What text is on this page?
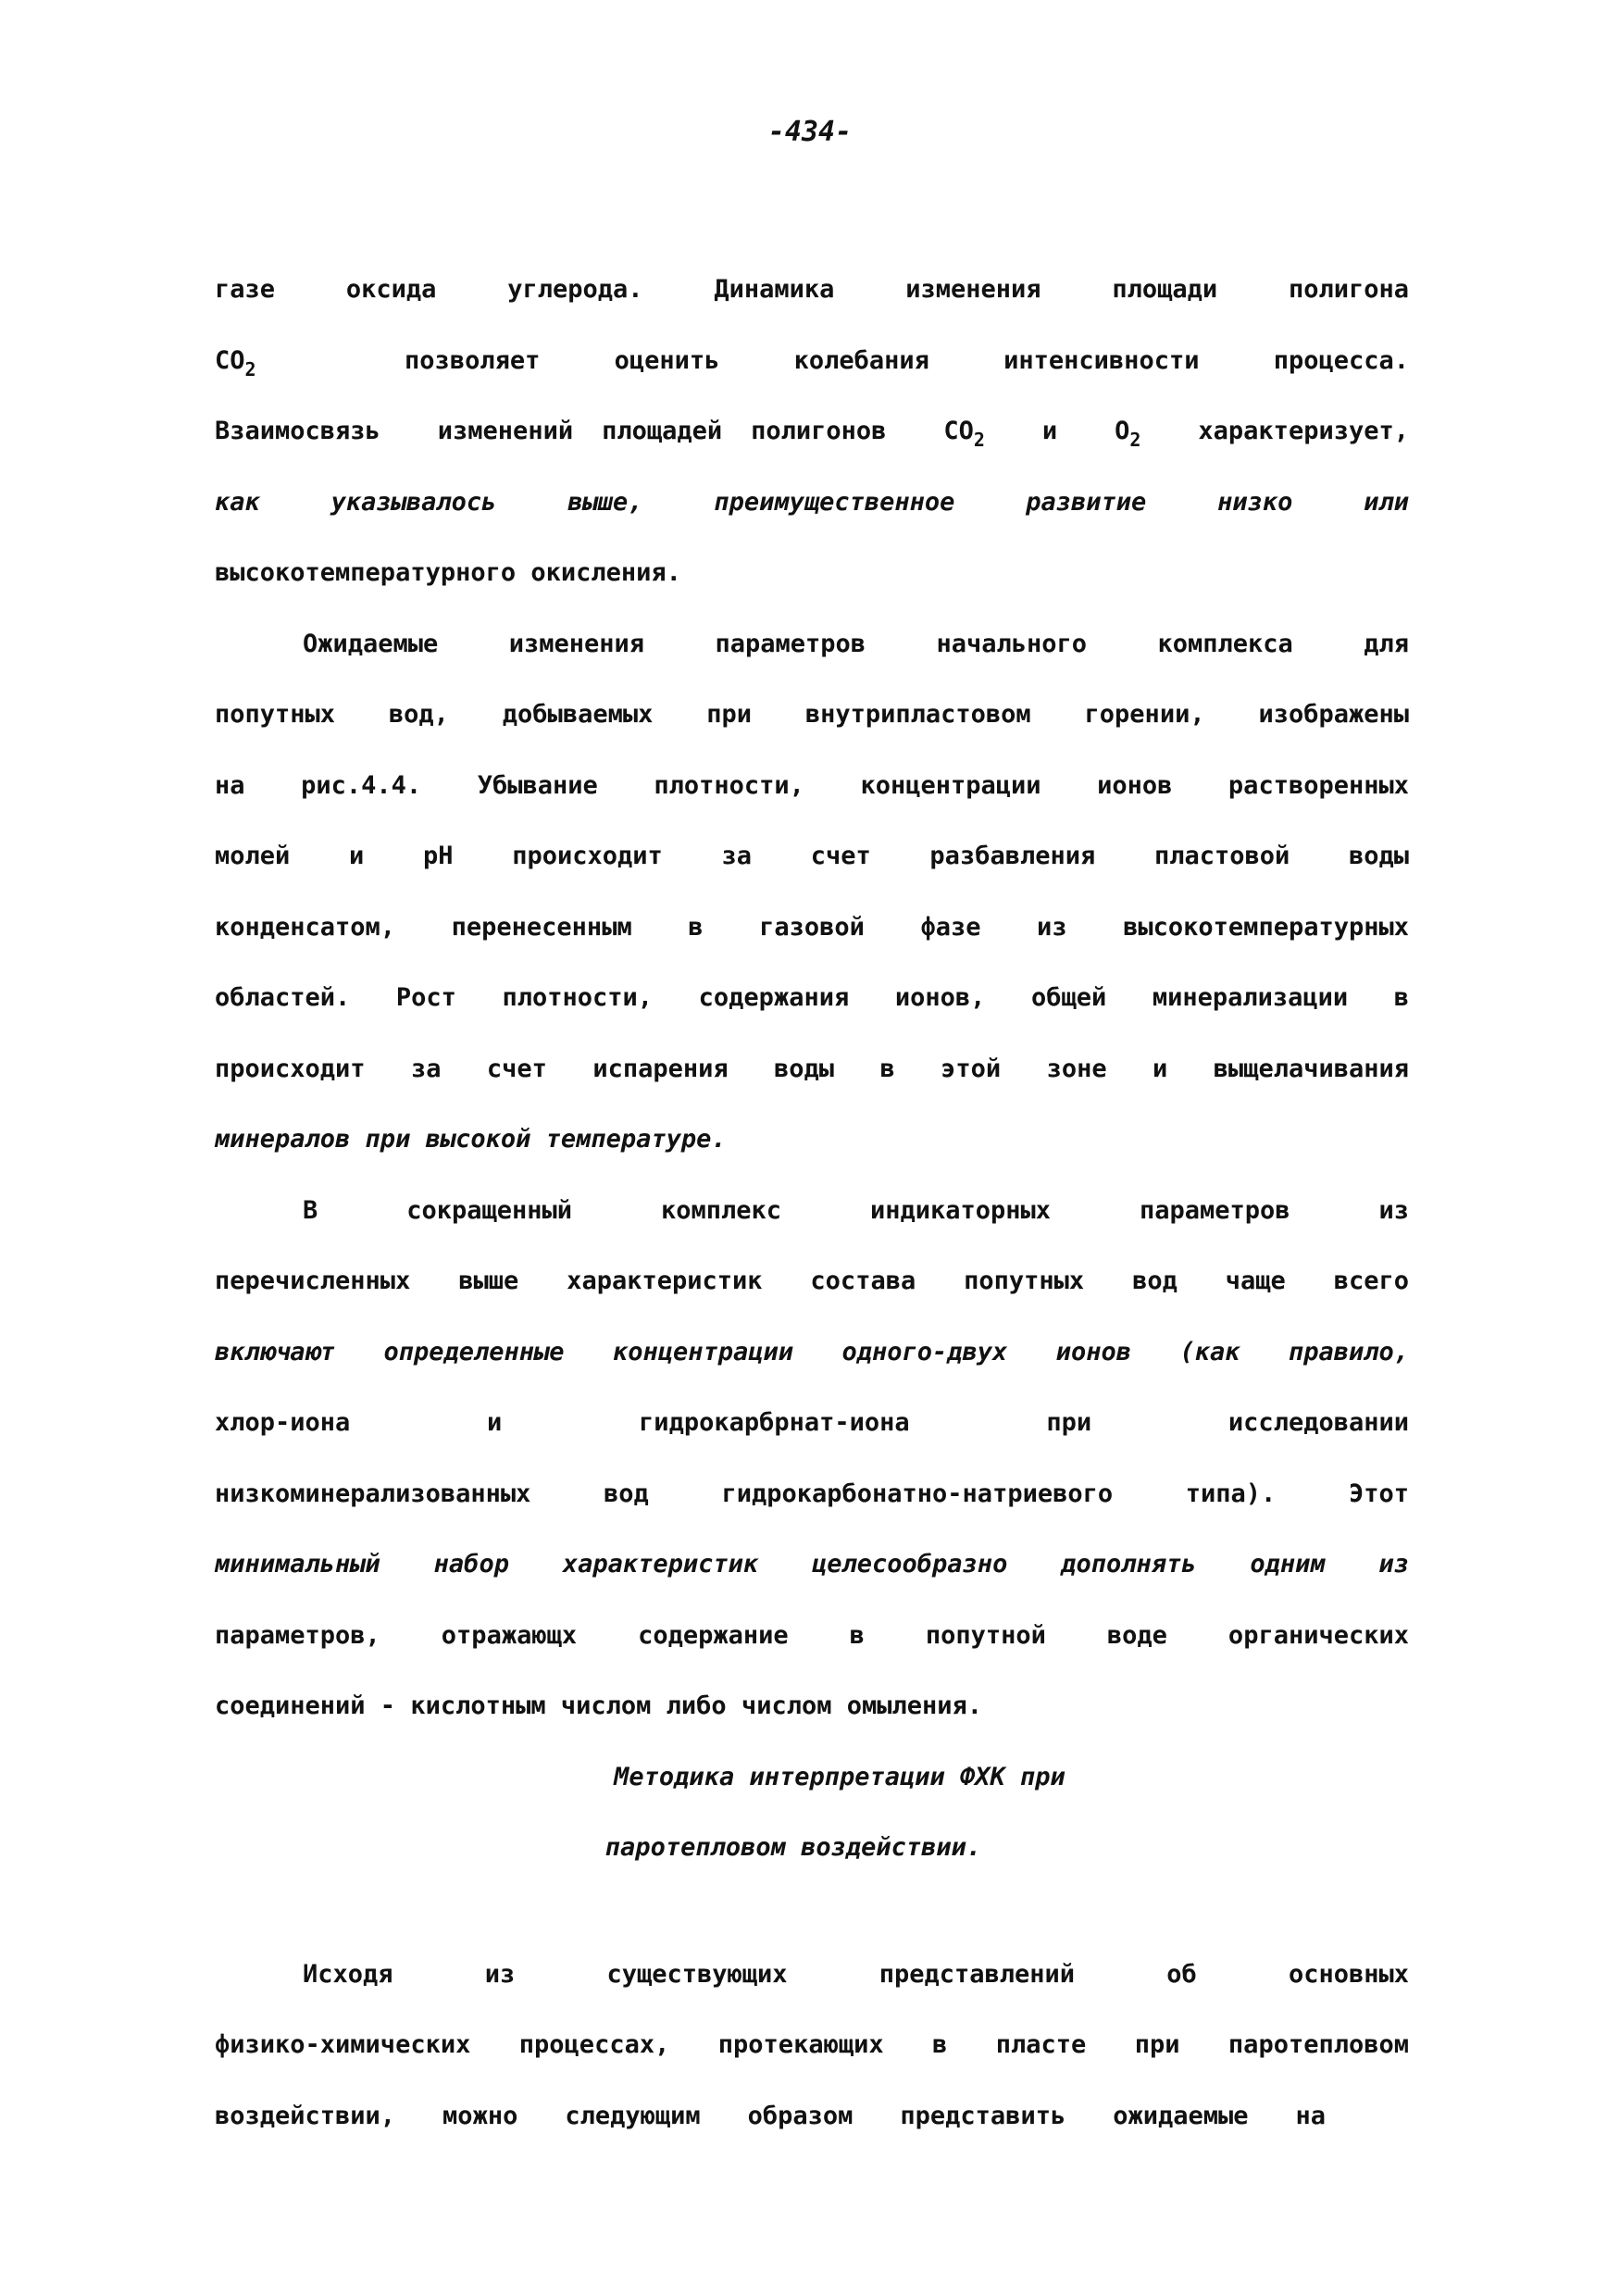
-434-

газе оксида углерода. Динамика изменения площади полигона

$CO_2$	позволяет оценить колебания интенсивности процесса.

Взаимосвязь изменений площадей полигонов $CO_2$ и $O_2$ характеризует,

как указывалось выше, преимущественное развитие низко или

высокотемпературного окисления.

Ожидаемые изменения параметров начального комплекса для

попутных вод, добываемых при внутрипластовом горении, изображены

на рис.4.4. Убывание плотности, концентрации ионов растворенных

молей и рН происходит за счет разбавления пластовой воды

конденсатом, перенесенным в газовой фазе из высокотемпературных

областей. Рост плотности, содержания ионов, общей минерализации в

происходит за счет испарения воды в этой зоне и выщелачивания

минералов при высокой температуре.

В сокращенный комплекс индикаторных параметров из

перечисленных выше характеристик состава попутных вод чаще всего

включают определенные концентрации одного-двух ионов (как правило,

хлор-иона и гидрокарбрнат-иона при исследовании

низкоминерализованных вод гидрокарбонатно-натриевого типа). Этот

минимальный набор характеристик целесообразно дополнять одним из

параметров, отражающх содержание в попутной воде органических

соединений - кислотным числом либо числом омыления.

Методика интерпретации ФХК при

паротепловом воздействии.

Исходя из существующих представлений об основных

физико-химических процессах, протекающих в пласте при паротепловом

воздействии, можно следующим образом представить ожидаемые на
